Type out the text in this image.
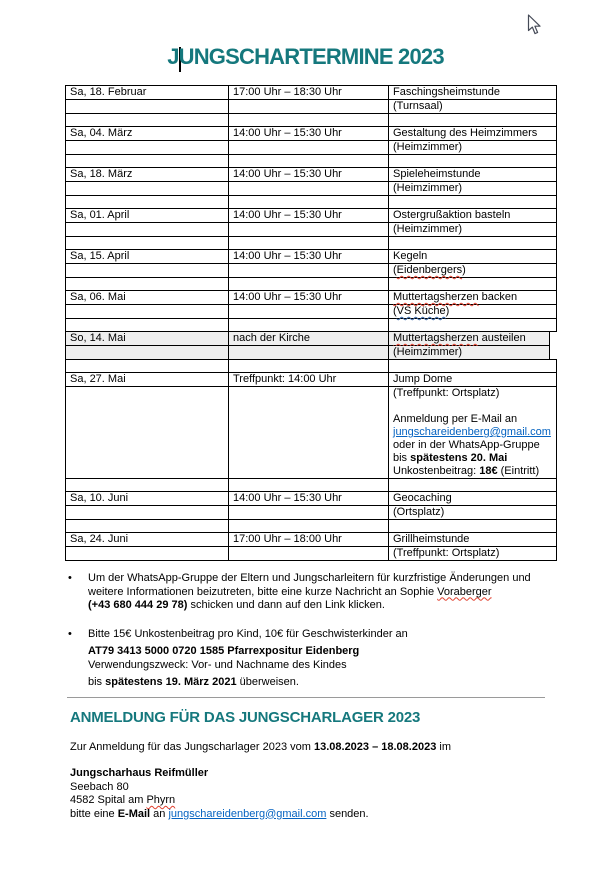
JUNGSCHARTERMINE 2023
Sa, 18. Februar	17:00 Uhr – 18:30 Uhr	Faschingsheimstunde
(Turnsaal)
Sa, 04. März	14:00 Uhr – 15:30 Uhr	Gestaltung des Heimzimmers
(Heimzimmer)
Sa, 18. März	14:00 Uhr – 15:30 Uhr	Spieleheimstunde
(Heimzimmer)
Sa, 01. April	14:00 Uhr – 15:30 Uhr	Ostergrußaktion basteln
(Heimzimmer)
Sa, 15. April	14:00 Uhr – 15:30 Uhr	Kegeln
(Eidenbergers)
Sa, 06. Mai	14:00 Uhr – 15:30 Uhr	Muttertagsherzen backen
(VS Küche)
So, 14. Mai	nach der Kirche	Muttertagsherzen austeilen
(Heimzimmer)
Sa, 27. Mai	Treffpunkt: 14:00 Uhr	Jump Dome
(Treffpunkt: Ortsplatz)

Anmeldung per E-Mail an
jungschareidenberg@gmail.com
oder in der WhatsApp-Gruppe
bis spätestens 20. Mai
Unkostenbeitrag: 18€ (Eintritt)
Sa, 10. Juni	14:00 Uhr – 15:30 Uhr	Geocaching
(Ortsplatz)
Sa, 24. Juni	17:00 Uhr – 18:00 Uhr	Grillheimstunde
(Treffpunkt: Ortsplatz)
• Um der WhatsApp-Gruppe der Eltern und Jungscharleitern für kurzfristige Änderungen und
weitere Informationen beizutreten, bitte eine kurze Nachricht an Sophie Voraberger
(+43 680 444 29 78) schicken und dann auf den Link klicken.
• Bitte 15€ Unkostenbeitrag pro Kind, 10€ für Geschwisterkinder an
AT79 3413 5000 0720 1585 Pfarrexpositur Eidenberg
Verwendungszweck: Vor- und Nachname des Kindes
bis spätestens 19. März 2021 überweisen.
ANMELDUNG FÜR DAS JUNGSCHARLAGER 2023
Zur Anmeldung für das Jungscharlager 2023 vom 13.08.2023 – 18.08.2023 im
Jungscharhaus Reifmüller
Seebach 80
4582 Spital am Phyrn
bitte eine E-Mail an jungschareidenberg@gmail.com senden.
